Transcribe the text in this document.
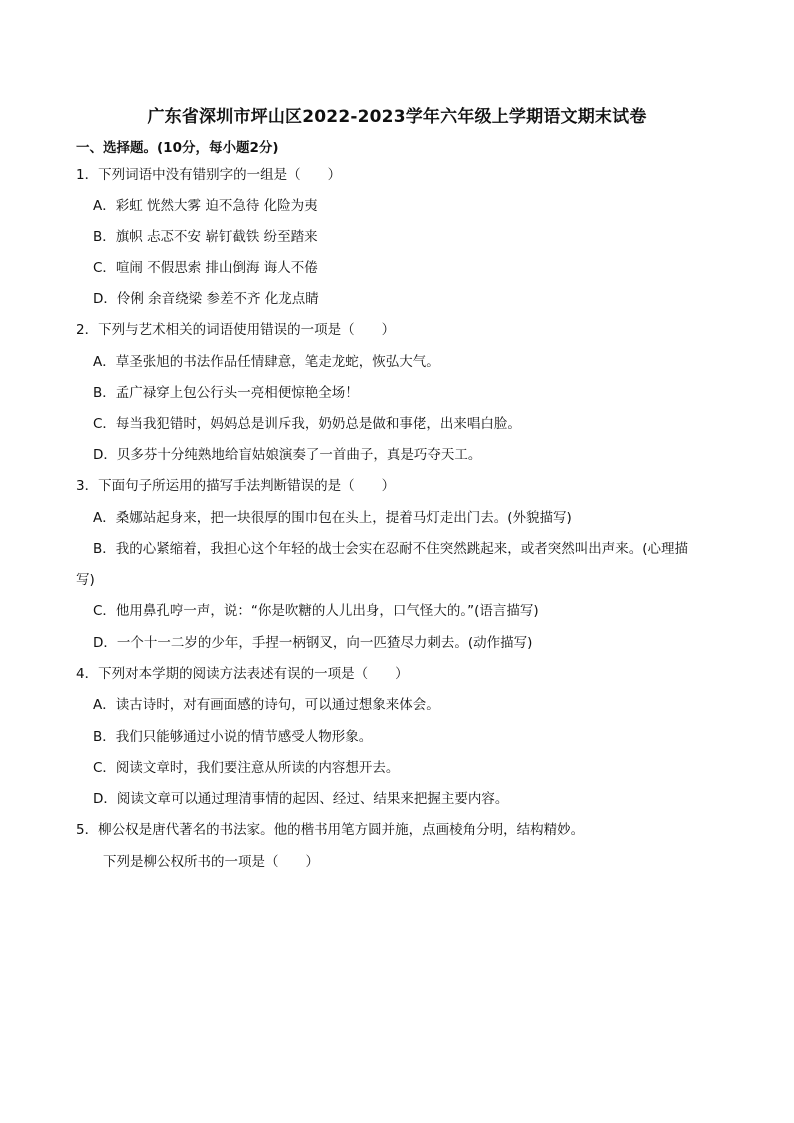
广东省深圳市坪山区2022-2023学年六年级上学期语文期末试卷
一、选择题。(10分，每小题2分)
1．下列词语中没有错别字的一组是（　　）
A．彩虹 恍然大雾 迫不急待 化险为夷
B．旗帜 忐忑不安 崭钉截铁 纷至踏来
C．喧闹 不假思索 排山倒海 诲人不倦
D．伶俐 余音绕梁 参差不齐 化龙点睛
2．下列与艺术相关的词语使用错误的一项是（　　）
A．草圣张旭的书法作品任情肆意，笔走龙蛇，恢弘大气。
B．孟广禄穿上包公行头一亮相便惊艳全场！
C．每当我犯错时，妈妈总是训斥我，奶奶总是做和事佬，出来唱白脸。
D．贝多芬十分纯熟地给盲姑娘演奏了一首曲子，真是巧夺天工。
3．下面句子所运用的描写手法判断错误的是（　　）
A．桑娜站起身来，把一块很厚的围巾包在头上，提着马灯走出门去。(外貌描写)
B．我的心紧缩着，我担心这个年轻的战士会实在忍耐不住突然跳起来，或者突然叫出声来。(心理描
写)
C．他用鼻孔哼一声，说：“你是吹糖的人儿出身，口气怪大的。”(语言描写)
D．一个十一二岁的少年，手捏一柄钢叉，向一匹猹尽力刺去。(动作描写)
4．下列对本学期的阅读方法表述有误的一项是（　　）
A．读古诗时，对有画面感的诗句，可以通过想象来体会。
B．我们只能够通过小说的情节感受人物形象。
C．阅读文章时，我们要注意从所读的内容想开去。
D．阅读文章可以通过理清事情的起因、经过、结果来把握主要内容。
5．柳公权是唐代著名的书法家。他的楷书用笔方圆并施，点画棱角分明，结构精妙。
下列是柳公权所书的一项是（　　）
